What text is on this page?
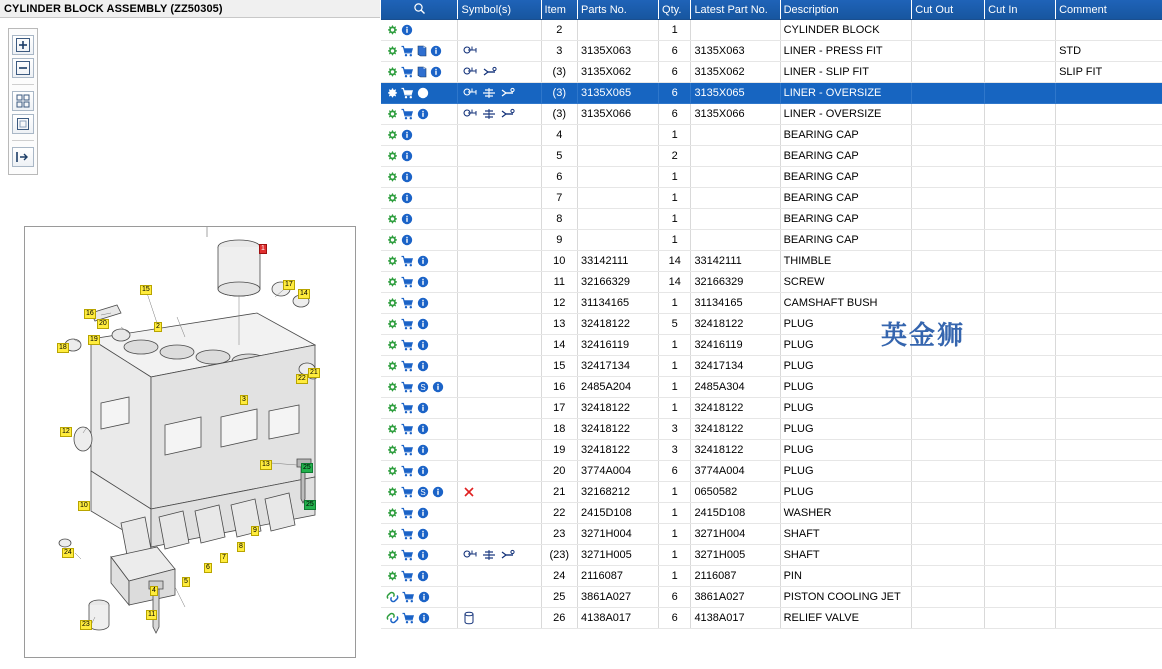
CYLINDER BLOCK ASSEMBLY (ZZ50305)
2
3
4
5
6
7
8
9
10
11
12
13
14
15
16
17
18
19
20
21
22
23
24
25
25
1
	Symbol(s)	Item	Parts No.	Qty.	Latest Part No.	Description	Cut Out	Cut In	Comment

	2		1		CYLINDER BLOCK			

	3	3135X063	6	3135X063	LINER - PRESS FIT			STD

	(3)	3135X062	6	3135X062	LINER - SLIP FIT			SLIP FIT

	(3)	3135X065	6	3135X065	LINER - OVERSIZE			

	(3)	3135X066	6	3135X066	LINER - OVERSIZE			

	4		1		BEARING CAP			

	5		2		BEARING CAP			

	6		1		BEARING CAP			

	7		1		BEARING CAP			

	8		1		BEARING CAP			

	9		1		BEARING CAP			

	10	33142111	14	33142111	THIMBLE			

	11	32166329	14	32166329	SCREW			

	12	31134165	1	31134165	CAMSHAFT BUSH			

	13	32418122	5	32418122	PLUG			

	14	32416119	1	32416119	PLUG			

	15	32417134	1	32417134	PLUG			

S		16	2485A204	1	2485A304	PLUG			

	17	32418122	1	32418122	PLUG			

	18	32418122	3	32418122	PLUG			

	19	32418122	3	32418122	PLUG			

	20	3774A004	6	3774A004	PLUG			

S		21	32168212	1	0650582	PLUG			

	22	2415D108	1	2415D108	WASHER			

	23	3271H004	1	3271H004	SHAFT			

	(23)	3271H005	1	3271H005	SHAFT			

	24	2116087	1	2116087	PIN			

	25	3861A027	6	3861A027	PISTON COOLING JET			

	26	4138A017	6	4138A017	RELIEF VALVE			
英金狮
